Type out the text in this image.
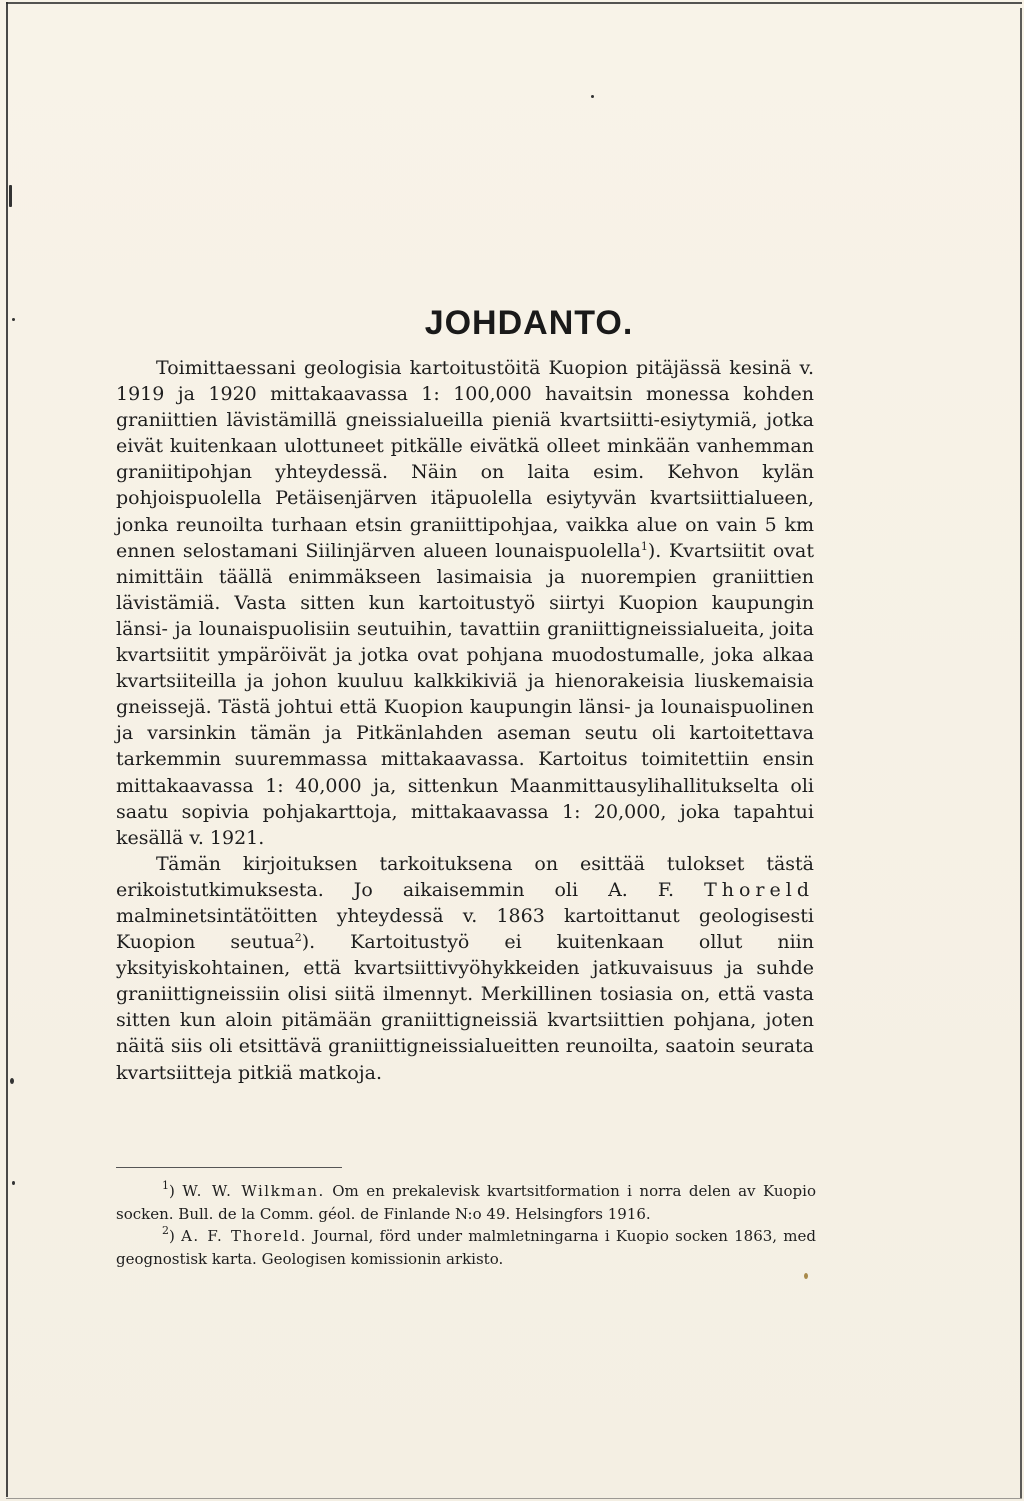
JOHDANTO.

Toimittaessani geologisia kartoitustöitä Kuopion pitäjässä kesinä v. 1919 ja 1920 mittakaavassa 1: 100,000 havaitsin monessa kohden graniittien lävistämillä gneissialueilla pieniä kvartsiitti-esiytymiä, jotka eivät kuitenkaan ulottuneet pitkälle eivätkä olleet minkään vanhemman graniitipohjan yhteydessä. Näin on laita esim. Kehvon kylän pohjoispuolella Petäisenjärven itäpuolella esiytyvän kvartsiittialueen, jonka reunoilta turhaan etsin graniittipohjaa, vaikka alue on vain 5 km ennen selostamani Siilinjärven alueen lounaispuolella$^1$). Kvartsiitit ovat nimittäin täällä enimmäkseen lasimaisia ja nuorempien graniittien lävistämiä. Vasta sitten kun kartoitustyö siirtyi Kuopion kaupungin länsi- ja lounaispuolisiin seutuihin, tavattiin graniittigneissialueita, joita kvartsiitit ympäröivät ja jotka ovat pohjana muodostumalle, joka alkaa kvartsiiteilla ja johon kuuluu kalkkikiviä ja hienorakeisia liuskemaisia gneissejä. Tästä johtui että Kuopion kaupungin länsi- ja lounaispuolinen ja varsinkin tämän ja Pitkänlahden aseman seutu oli kartoitettava tarkemmin suuremmassa mittakaavassa. Kartoitus toimitettiin ensin mittakaavassa 1: 40,000 ja, sittenkun Maanmittausylihallitukselta oli saatu sopivia pohjakarttoja, mittakaavassa 1: 20,000, joka tapahtui kesällä v. 1921.

Tämän kirjoituksen tarkoituksena on esittää tulokset tästä erikoistutkimuksesta. Jo aikaisemmin oli A. F. Thoreld malminetsintätöitten yhteydessä v. 1863 kartoittanut geologisesti Kuopion seutua$^2$). Kartoitustyö ei kuitenkaan ollut niin yksityiskohtainen, että kvartsiittivyöhykkeiden jatkuvaisuus ja suhde graniittigneissiin olisi siitä ilmennyt. Merkillinen tosiasia on, että vasta sitten kun aloin pitämään graniittigneissiä kvartsiittien pohjana, joten näitä siis oli etsittävä graniittigneissialueitten reunoilta, saatoin seurata kvartsiitteja pitkiä matkoja.

$^1$) W. W. Wilkman. Om en prekalevisk kvartsitformation i norra delen av Kuopio socken. Bull. de la Comm. géol. de Finlande N:o 49. Helsingfors 1916.

$^2$) A. F. Thoreld. Journal, förd under malmletningarna i Kuopio socken 1863, med geognostisk karta. Geologisen komissionin arkisto.
